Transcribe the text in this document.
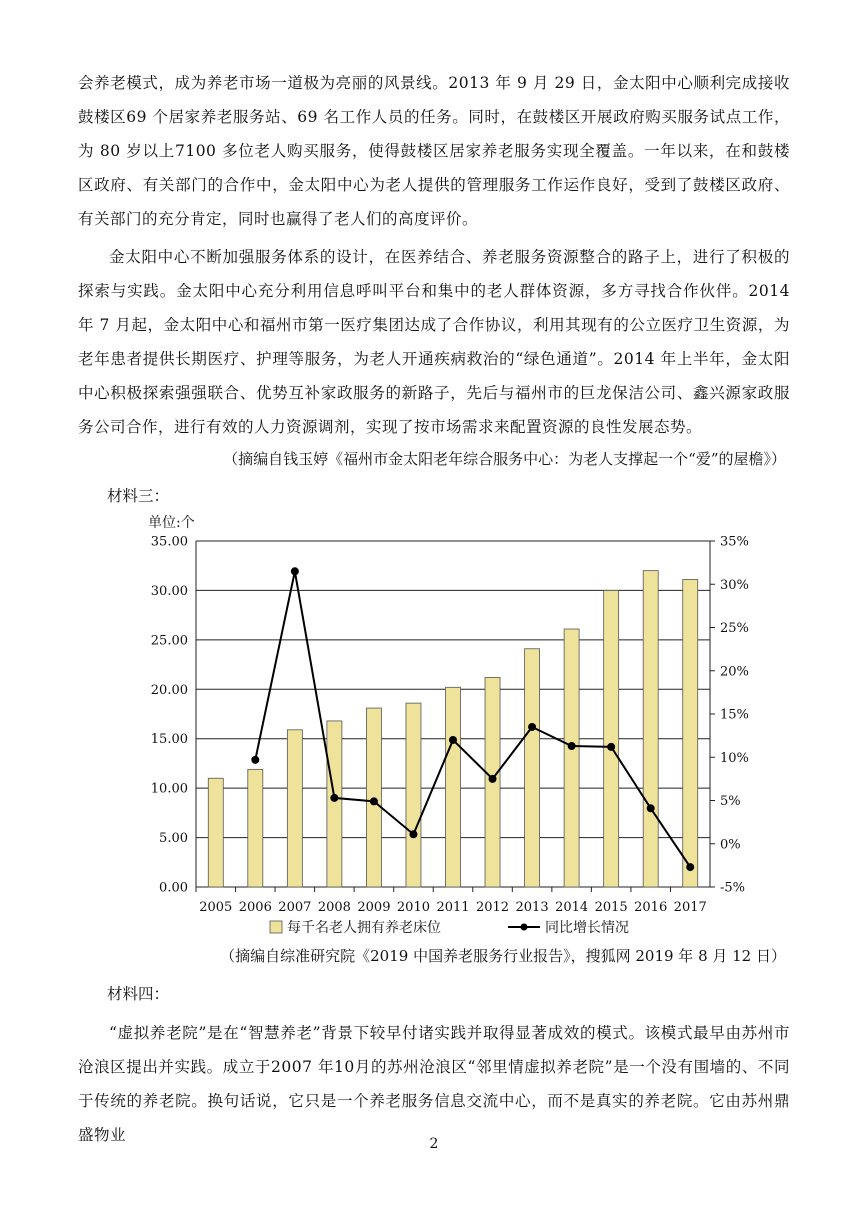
会养老模式，成为养老市场一道极为亮丽的风景线。2013 年 9 月 29 日，金太阳中心顺利完成接收鼓楼区69 个居家养老服务站、69 名工作人员的任务。同时，在鼓楼区开展政府购买服务试点工作，为 80 岁以上7100 多位老人购买服务，使得鼓楼区居家养老服务实现全覆盖。一年以来，在和鼓楼区政府、有关部门的合作中，金太阳中心为老人提供的管理服务工作运作良好，受到了鼓楼区政府、有关部门的充分肯定，同时也赢得了老人们的高度评价。
金太阳中心不断加强服务体系的设计，在医养结合、养老服务资源整合的路子上，进行了积极的探索与实践。金太阳中心充分利用信息呼叫平台和集中的老人群体资源，多方寻找合作伙伴。2014 年 7 月起，金太阳中心和福州市第一医疗集团达成了合作协议，利用其现有的公立医疗卫生资源，为老年患者提供长期医疗、护理等服务，为老人开通疾病救治的“绿色通道”。2014 年上半年，金太阳中心积极探索强强联合、优势互补家政服务的新路子，先后与福州市的巨龙保洁公司、鑫兴源家政服务公司合作，进行有效的人力资源调剂，实现了按市场需求来配置资源的良性发展态势。
（摘编自钱玉婷《福州市金太阳老年综合服务中心：为老人支撑起一个“爱”的屋檐》）
材料三：
单位:个
0.00
5.00
10.00
15.00
20.00
25.00
30.00
35.00
-5%
0%
5%
10%
15%
20%
25%
30%
35%
2005 2006 2007 2008 2009 2010 2011 2012 2013 2014 2015 2016 2017
每千名老人拥有养老床位	同比增长情况
（摘编自综准研究院《2019 中国养老服务行业报告》，搜狐网 2019 年 8 月 12 日）
材料四：
“虚拟养老院”是在“智慧养老”背景下较早付诸实践并取得显著成效的模式。该模式最早由苏州市沧浪区提出并实践。成立于2007 年10月的苏州沧浪区“邻里情虚拟养老院”是一个没有围墙的、不同于传统的养老院。换句话说，它只是一个养老服务信息交流中心，而不是真实的养老院。它由苏州鼎盛物业	2
